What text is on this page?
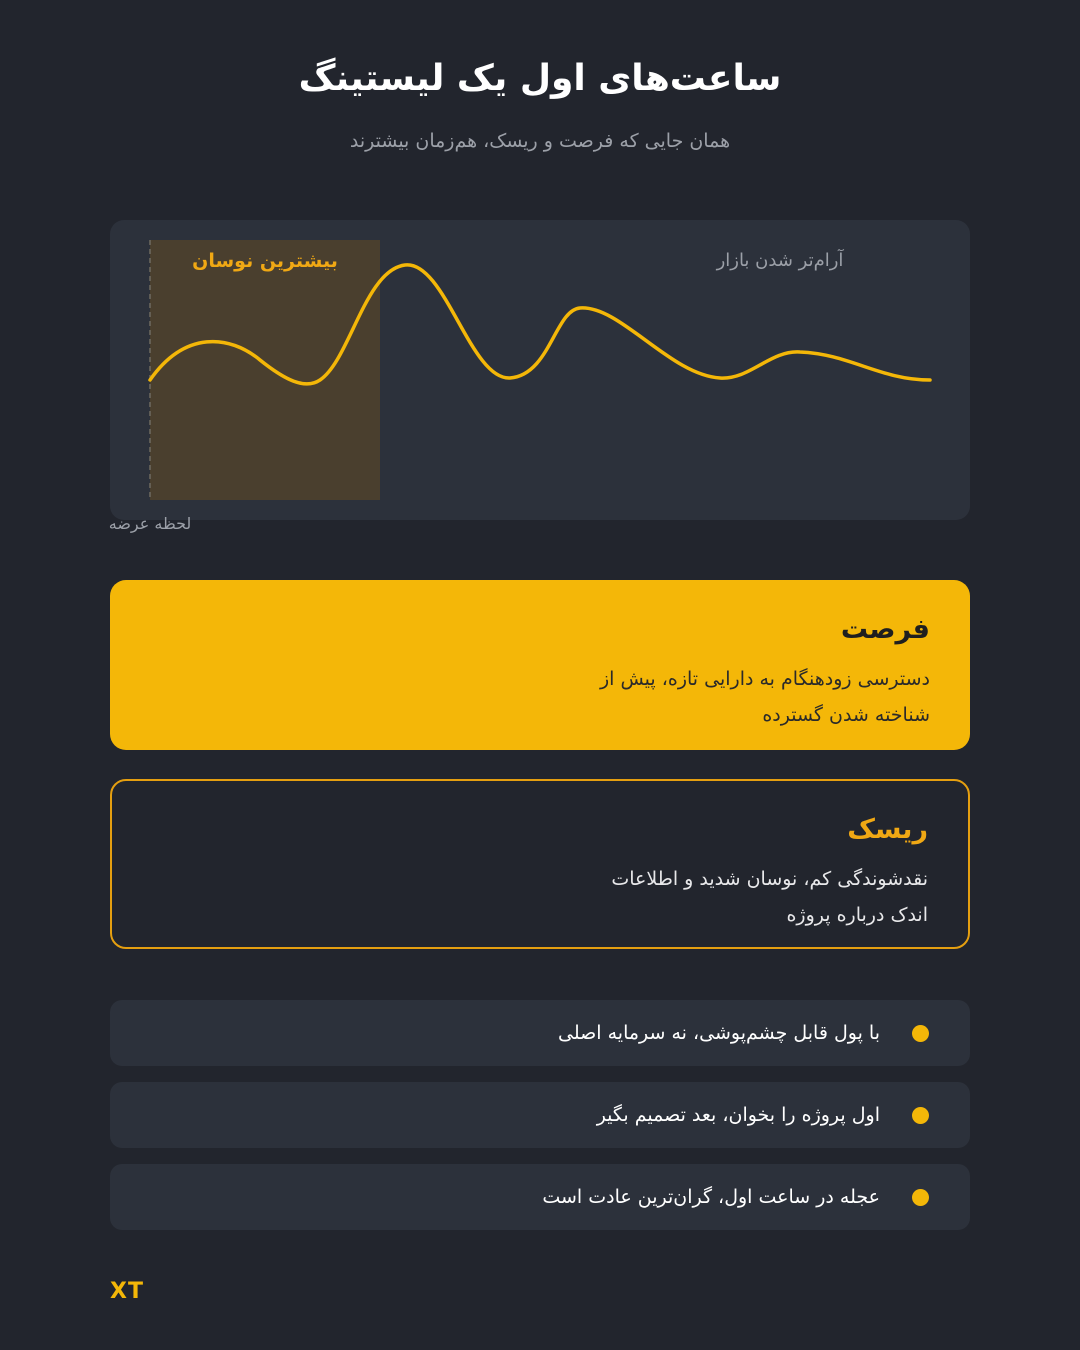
ساعت‌های اول یک لیستینگ
همان جایی که فرصت و ریسک، هم‌زمان بیشترند
بیشترین نوسان	آرام‌تر شدن بازار
لحظه عرضه
فرصت

دسترسی زودهنگام به دارایی تازه، پیش از شناخته شدن گسترده

ریسک

نقدشوندگی کم، نوسان شدید و اطلاعات اندک درباره پروژه

با پول قابل چشم‌پوشی، نه سرمایه اصلی
اول پروژه را بخوان، بعد تصمیم بگیر
عجله در ساعت اول، گران‌ترین عادت است
XT
